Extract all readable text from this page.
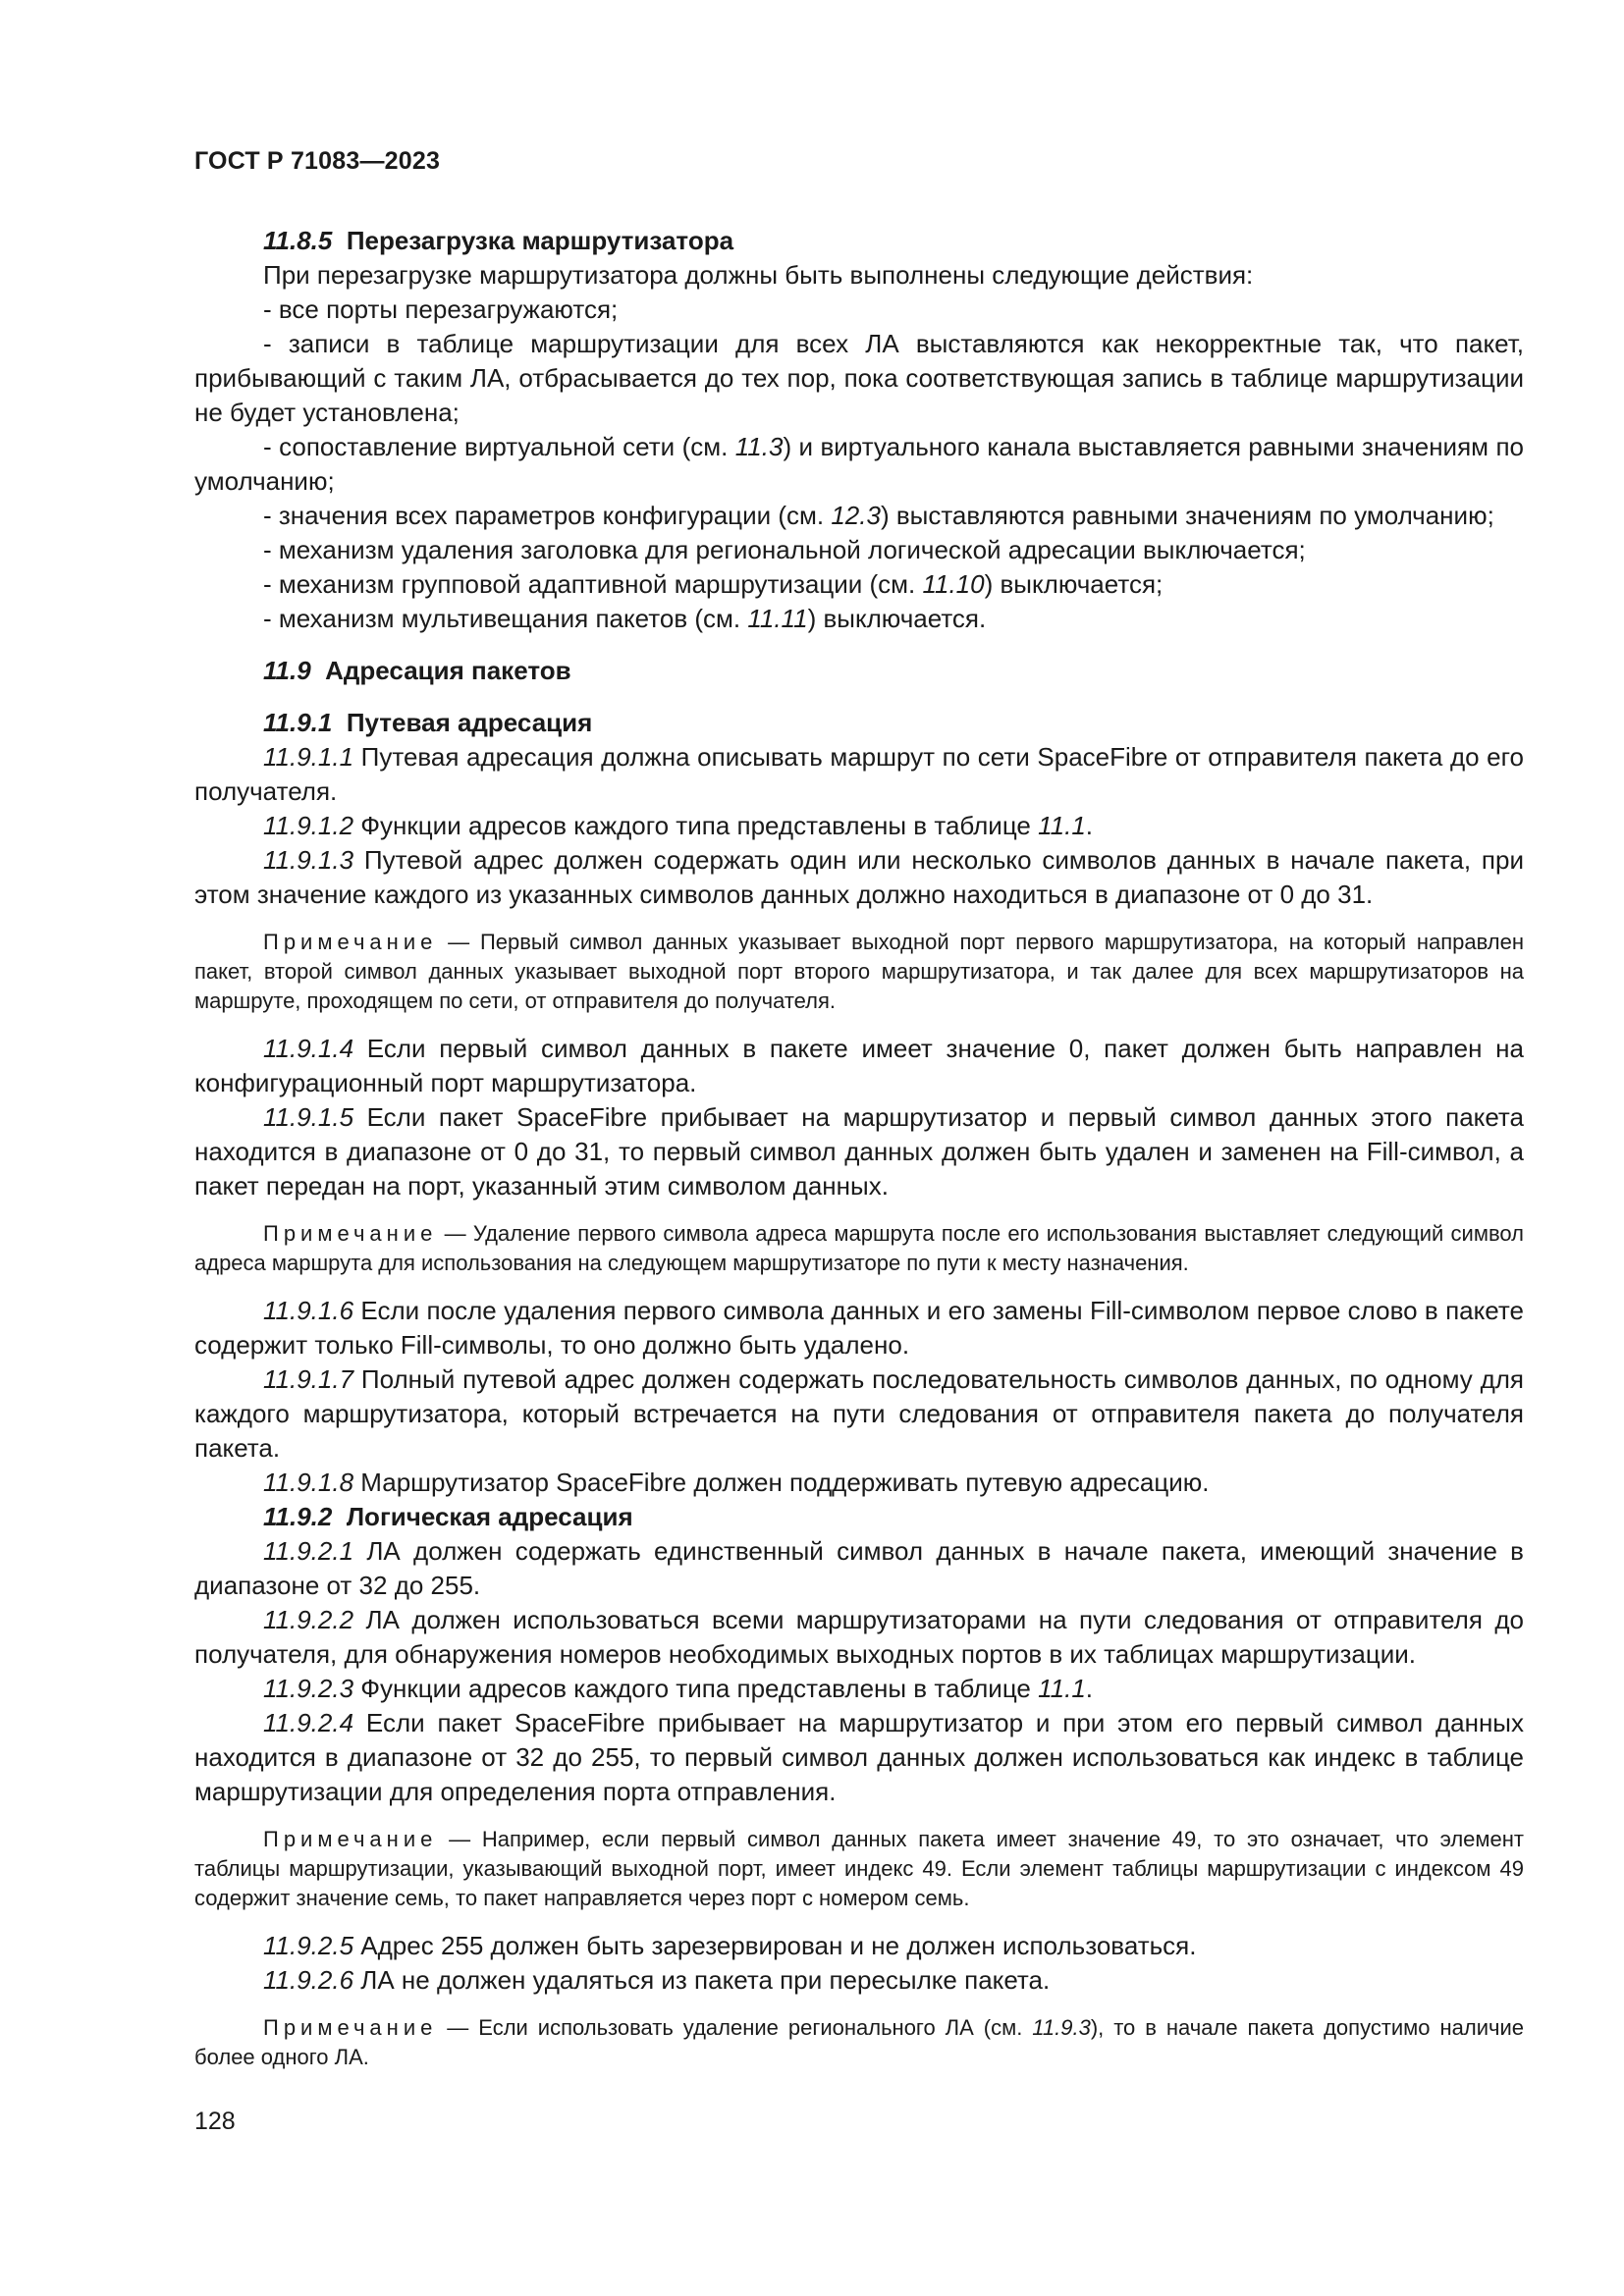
ГОСТ Р 71083—2023

11.8.5 Перезагрузка маршрутизатора

При перезагрузке маршрутизатора должны быть выполнены следующие действия:

- все порты перезагружаются;

- записи в таблице маршрутизации для всех ЛА выставляются как некорректные так, что пакет, прибывающий с таким ЛА, отбрасывается до тех пор, пока соответствующая запись в таблице маршрутизации не будет установлена;

- сопоставление виртуальной сети (см. 11.3) и виртуального канала выставляется равными значениям по умолчанию;

- значения всех параметров конфигурации (см. 12.3) выставляются равными значениям по умолчанию;

- механизм удаления заголовка для региональной логической адресации выключается;

- механизм групповой адаптивной маршрутизации (см. 11.10) выключается;

- механизм мультивещания пакетов (см. 11.11) выключается.

11.9 Адресация пакетов

11.9.1 Путевая адресация

11.9.1.1 Путевая адресация должна описывать маршрут по сети SpaceFibre от отправителя пакета до его получателя.

11.9.1.2 Функции адресов каждого типа представлены в таблице 11.1.

11.9.1.3 Путевой адрес должен содержать один или несколько символов данных в начале пакета, при этом значение каждого из указанных символов данных должно находиться в диапазоне от 0 до 31.

Примечание — Первый символ данных указывает выходной порт первого маршрутизатора, на который направлен пакет, второй символ данных указывает выходной порт второго маршрутизатора, и так далее для всех маршрутизаторов на маршруте, проходящем по сети, от отправителя до получателя.

11.9.1.4 Если первый символ данных в пакете имеет значение 0, пакет должен быть направлен на конфигурационный порт маршрутизатора.

11.9.1.5 Если пакет SpaceFibre прибывает на маршрутизатор и первый символ данных этого пакета находится в диапазоне от 0 до 31, то первый символ данных должен быть удален и заменен на Fill-символ, а пакет передан на порт, указанный этим символом данных.

Примечание — Удаление первого символа адреса маршрута после его использования выставляет следующий символ адреса маршрута для использования на следующем маршрутизаторе по пути к месту назначения.

11.9.1.6 Если после удаления первого символа данных и его замены Fill-символом первое слово в пакете содержит только Fill-символы, то оно должно быть удалено.

11.9.1.7 Полный путевой адрес должен содержать последовательность символов данных, по одному для каждого маршрутизатора, который встречается на пути следования от отправителя пакета до получателя пакета.

11.9.1.8 Маршрутизатор SpaceFibre должен поддерживать путевую адресацию.

11.9.2 Логическая адресация

11.9.2.1 ЛА должен содержать единственный символ данных в начале пакета, имеющий значение в диапазоне от 32 до 255.

11.9.2.2 ЛА должен использоваться всеми маршрутизаторами на пути следования от отправителя до получателя, для обнаружения номеров необходимых выходных портов в их таблицах маршрутизации.

11.9.2.3 Функции адресов каждого типа представлены в таблице 11.1.

11.9.2.4 Если пакет SpaceFibre прибывает на маршрутизатор и при этом его первый символ данных находится в диапазоне от 32 до 255, то первый символ данных должен использоваться как индекс в таблице маршрутизации для определения порта отправления.

Примечание — Например, если первый символ данных пакета имеет значение 49, то это означает, что элемент таблицы маршрутизации, указывающий выходной порт, имеет индекс 49. Если элемент таблицы маршрутизации с индексом 49 содержит значение семь, то пакет направляется через порт с номером семь.

11.9.2.5 Адрес 255 должен быть зарезервирован и не должен использоваться.

11.9.2.6 ЛА не должен удаляться из пакета при пересылке пакета.

Примечание — Если использовать удаление регионального ЛА (см. 11.9.3), то в начале пакета допустимо наличие более одного ЛА.

128
